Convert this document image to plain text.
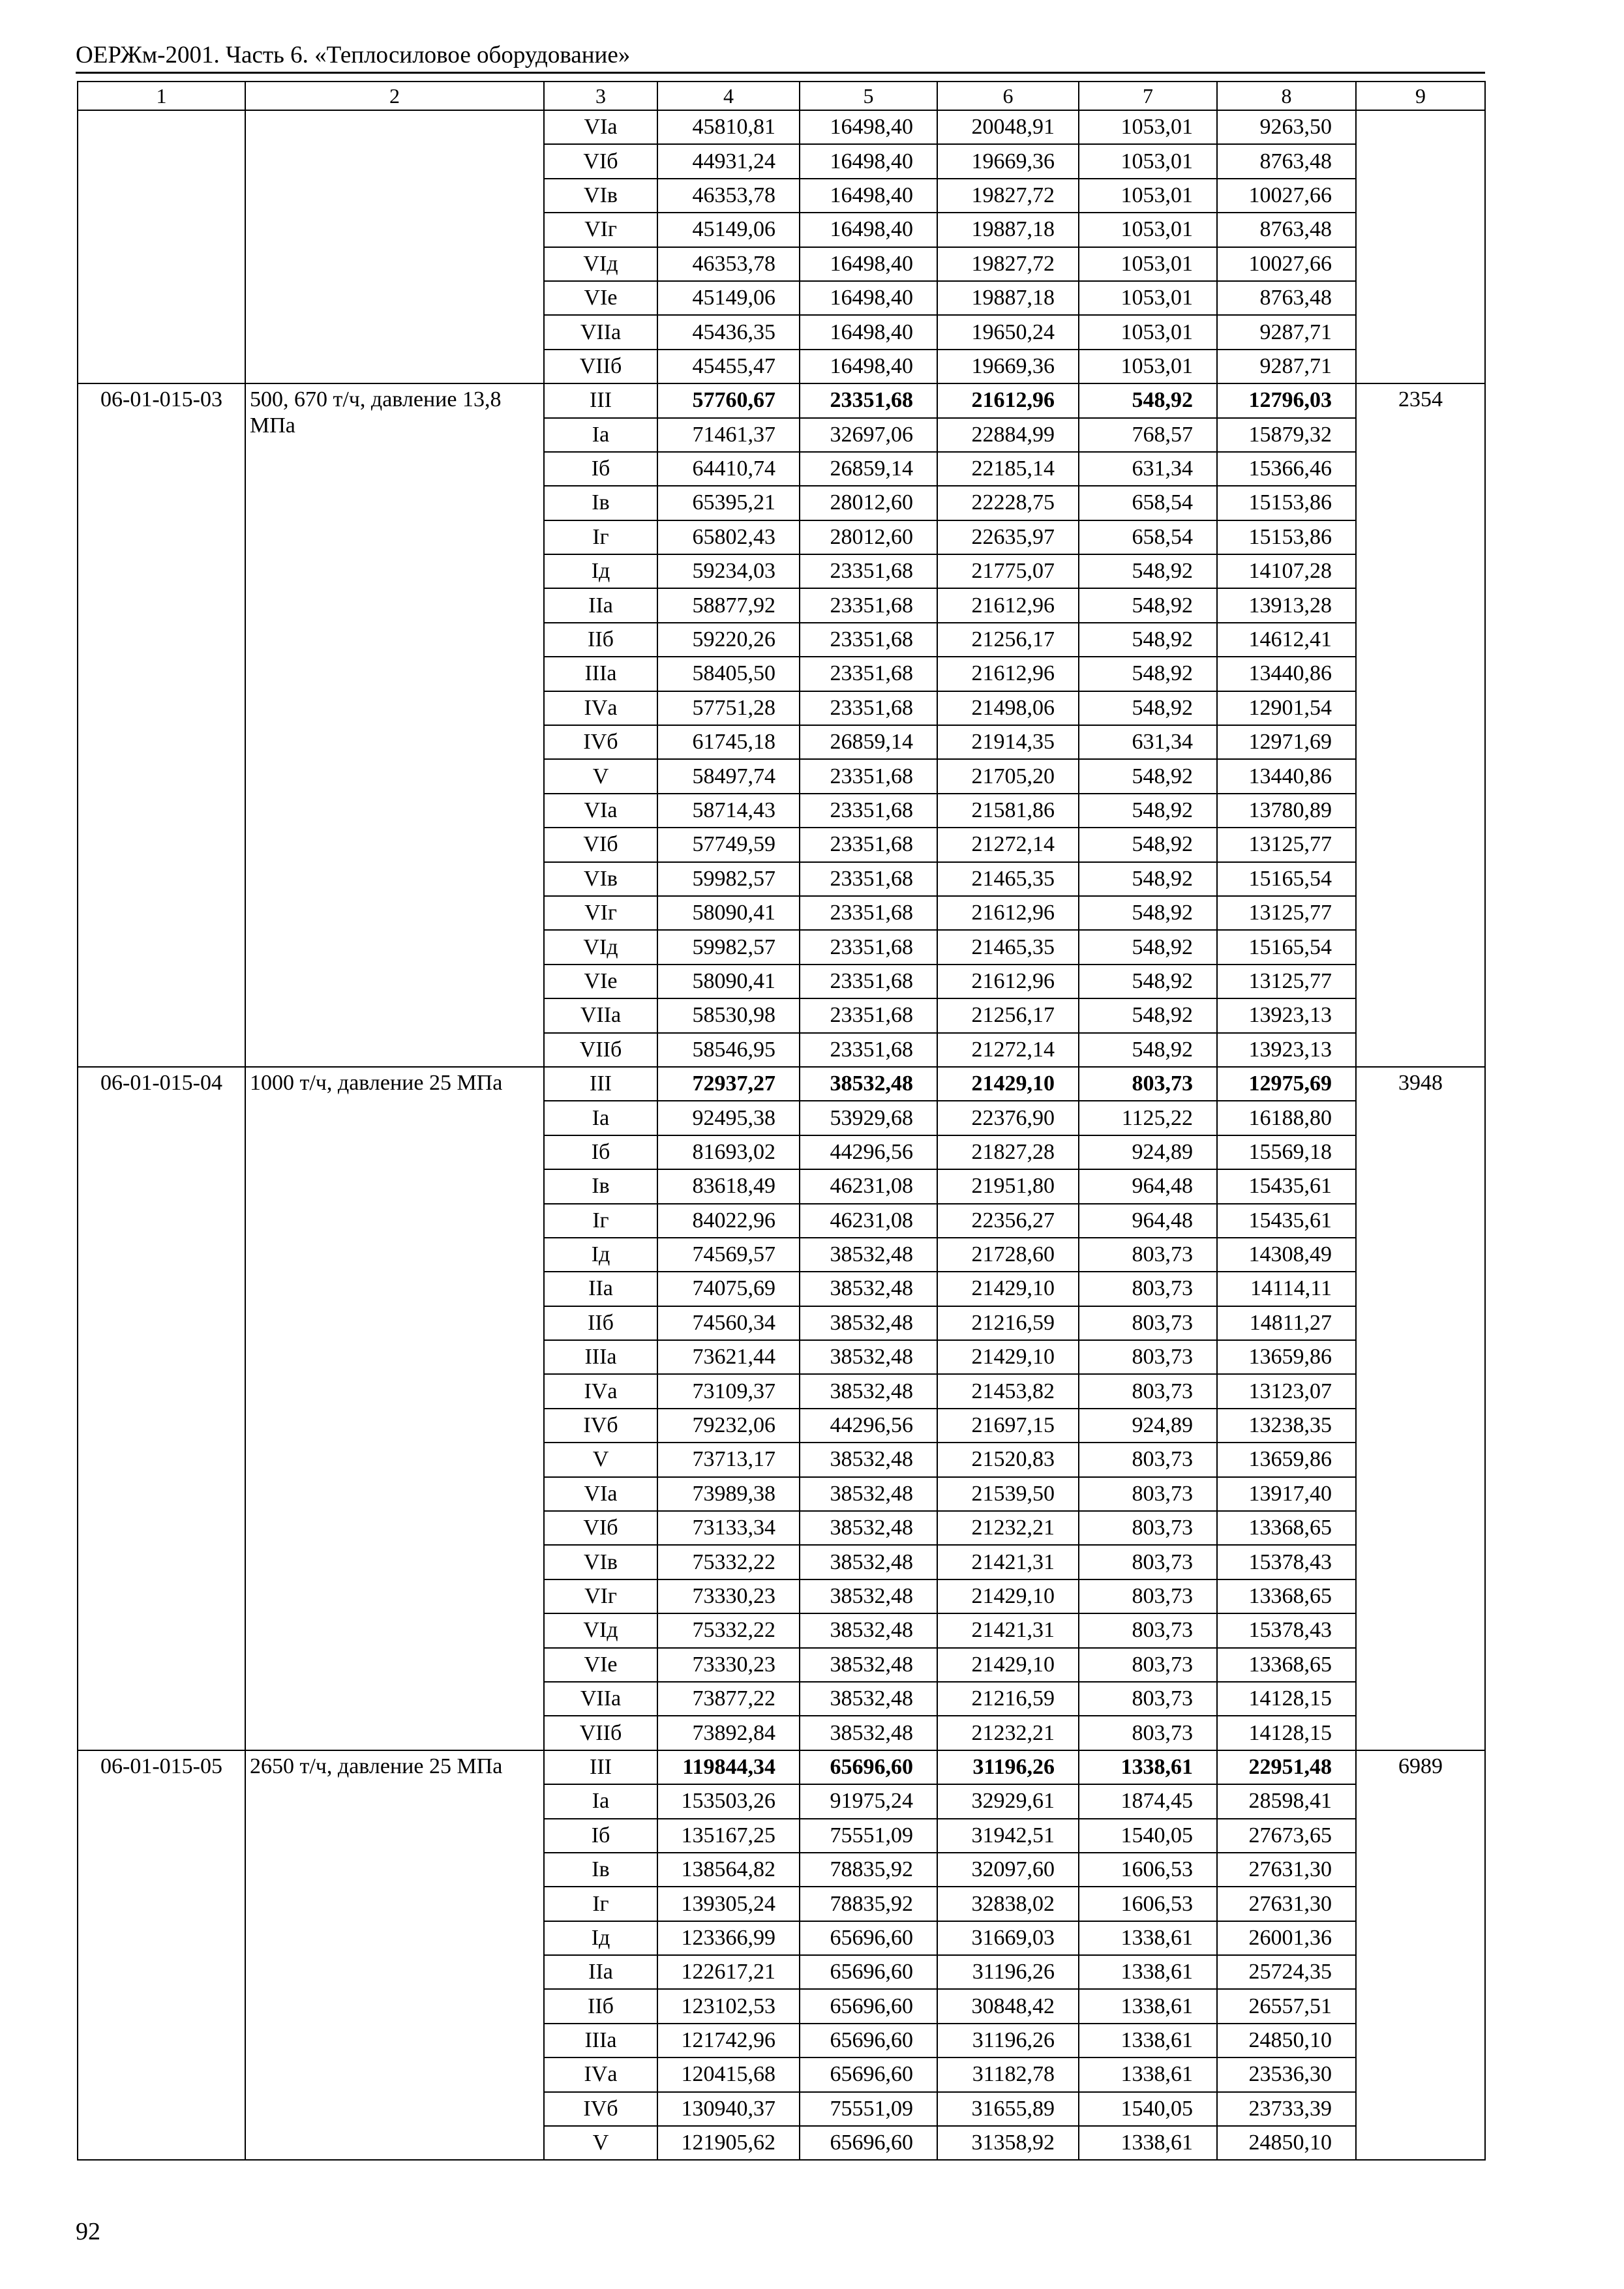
ОЕРЖм-2001. Часть 6. «Теплосиловое оборудование»
1	2	3	4	5	6	7	8	9
		VIа	45810,81	16498,40	20048,91	1053,01	9263,50	
		VIб	44931,24	16498,40	19669,36	1053,01	8763,48	
		VIв	46353,78	16498,40	19827,72	1053,01	10027,66	
		VIг	45149,06	16498,40	19887,18	1053,01	8763,48	
		VIд	46353,78	16498,40	19827,72	1053,01	10027,66	
		VIе	45149,06	16498,40	19887,18	1053,01	8763,48	
		VIIа	45436,35	16498,40	19650,24	1053,01	9287,71	
		VIIб	45455,47	16498,40	19669,36	1053,01	9287,71	
06-01-015-03	500, 670 т/ч, давление 13,8 МПа	III	57760,67	23351,68	21612,96	548,92	12796,03	2354
		Iа	71461,37	32697,06	22884,99	768,57	15879,32	
		Iб	64410,74	26859,14	22185,14	631,34	15366,46	
		Iв	65395,21	28012,60	22228,75	658,54	15153,86	
		Iг	65802,43	28012,60	22635,97	658,54	15153,86	
		Iд	59234,03	23351,68	21775,07	548,92	14107,28	
		IIа	58877,92	23351,68	21612,96	548,92	13913,28	
		IIб	59220,26	23351,68	21256,17	548,92	14612,41	
		IIIа	58405,50	23351,68	21612,96	548,92	13440,86	
		IVа	57751,28	23351,68	21498,06	548,92	12901,54	
		IVб	61745,18	26859,14	21914,35	631,34	12971,69	
		V	58497,74	23351,68	21705,20	548,92	13440,86	
		VIа	58714,43	23351,68	21581,86	548,92	13780,89	
		VIб	57749,59	23351,68	21272,14	548,92	13125,77	
		VIв	59982,57	23351,68	21465,35	548,92	15165,54	
		VIг	58090,41	23351,68	21612,96	548,92	13125,77	
		VIд	59982,57	23351,68	21465,35	548,92	15165,54	
		VIе	58090,41	23351,68	21612,96	548,92	13125,77	
		VIIа	58530,98	23351,68	21256,17	548,92	13923,13	
		VIIб	58546,95	23351,68	21272,14	548,92	13923,13	
06-01-015-04	1000 т/ч, давление 25 МПа	III	72937,27	38532,48	21429,10	803,73	12975,69	3948
		Iа	92495,38	53929,68	22376,90	1125,22	16188,80	
		Iб	81693,02	44296,56	21827,28	924,89	15569,18	
		Iв	83618,49	46231,08	21951,80	964,48	15435,61	
		Iг	84022,96	46231,08	22356,27	964,48	15435,61	
		Iд	74569,57	38532,48	21728,60	803,73	14308,49	
		IIа	74075,69	38532,48	21429,10	803,73	14114,11	
		IIб	74560,34	38532,48	21216,59	803,73	14811,27	
		IIIа	73621,44	38532,48	21429,10	803,73	13659,86	
		IVа	73109,37	38532,48	21453,82	803,73	13123,07	
		IVб	79232,06	44296,56	21697,15	924,89	13238,35	
		V	73713,17	38532,48	21520,83	803,73	13659,86	
		VIа	73989,38	38532,48	21539,50	803,73	13917,40	
		VIб	73133,34	38532,48	21232,21	803,73	13368,65	
		VIв	75332,22	38532,48	21421,31	803,73	15378,43	
		VIг	73330,23	38532,48	21429,10	803,73	13368,65	
		VIд	75332,22	38532,48	21421,31	803,73	15378,43	
		VIе	73330,23	38532,48	21429,10	803,73	13368,65	
		VIIа	73877,22	38532,48	21216,59	803,73	14128,15	
		VIIб	73892,84	38532,48	21232,21	803,73	14128,15	
06-01-015-05	2650 т/ч, давление 25 МПа	III	119844,34	65696,60	31196,26	1338,61	22951,48	6989
		Iа	153503,26	91975,24	32929,61	1874,45	28598,41	
		Iб	135167,25	75551,09	31942,51	1540,05	27673,65	
		Iв	138564,82	78835,92	32097,60	1606,53	27631,30	
		Iг	139305,24	78835,92	32838,02	1606,53	27631,30	
		Iд	123366,99	65696,60	31669,03	1338,61	26001,36	
		IIа	122617,21	65696,60	31196,26	1338,61	25724,35	
		IIб	123102,53	65696,60	30848,42	1338,61	26557,51	
		IIIа	121742,96	65696,60	31196,26	1338,61	24850,10	
		IVа	120415,68	65696,60	31182,78	1338,61	23536,30	
		IVб	130940,37	75551,09	31655,89	1540,05	23733,39	
		V	121905,62	65696,60	31358,92	1338,61	24850,10	
92
